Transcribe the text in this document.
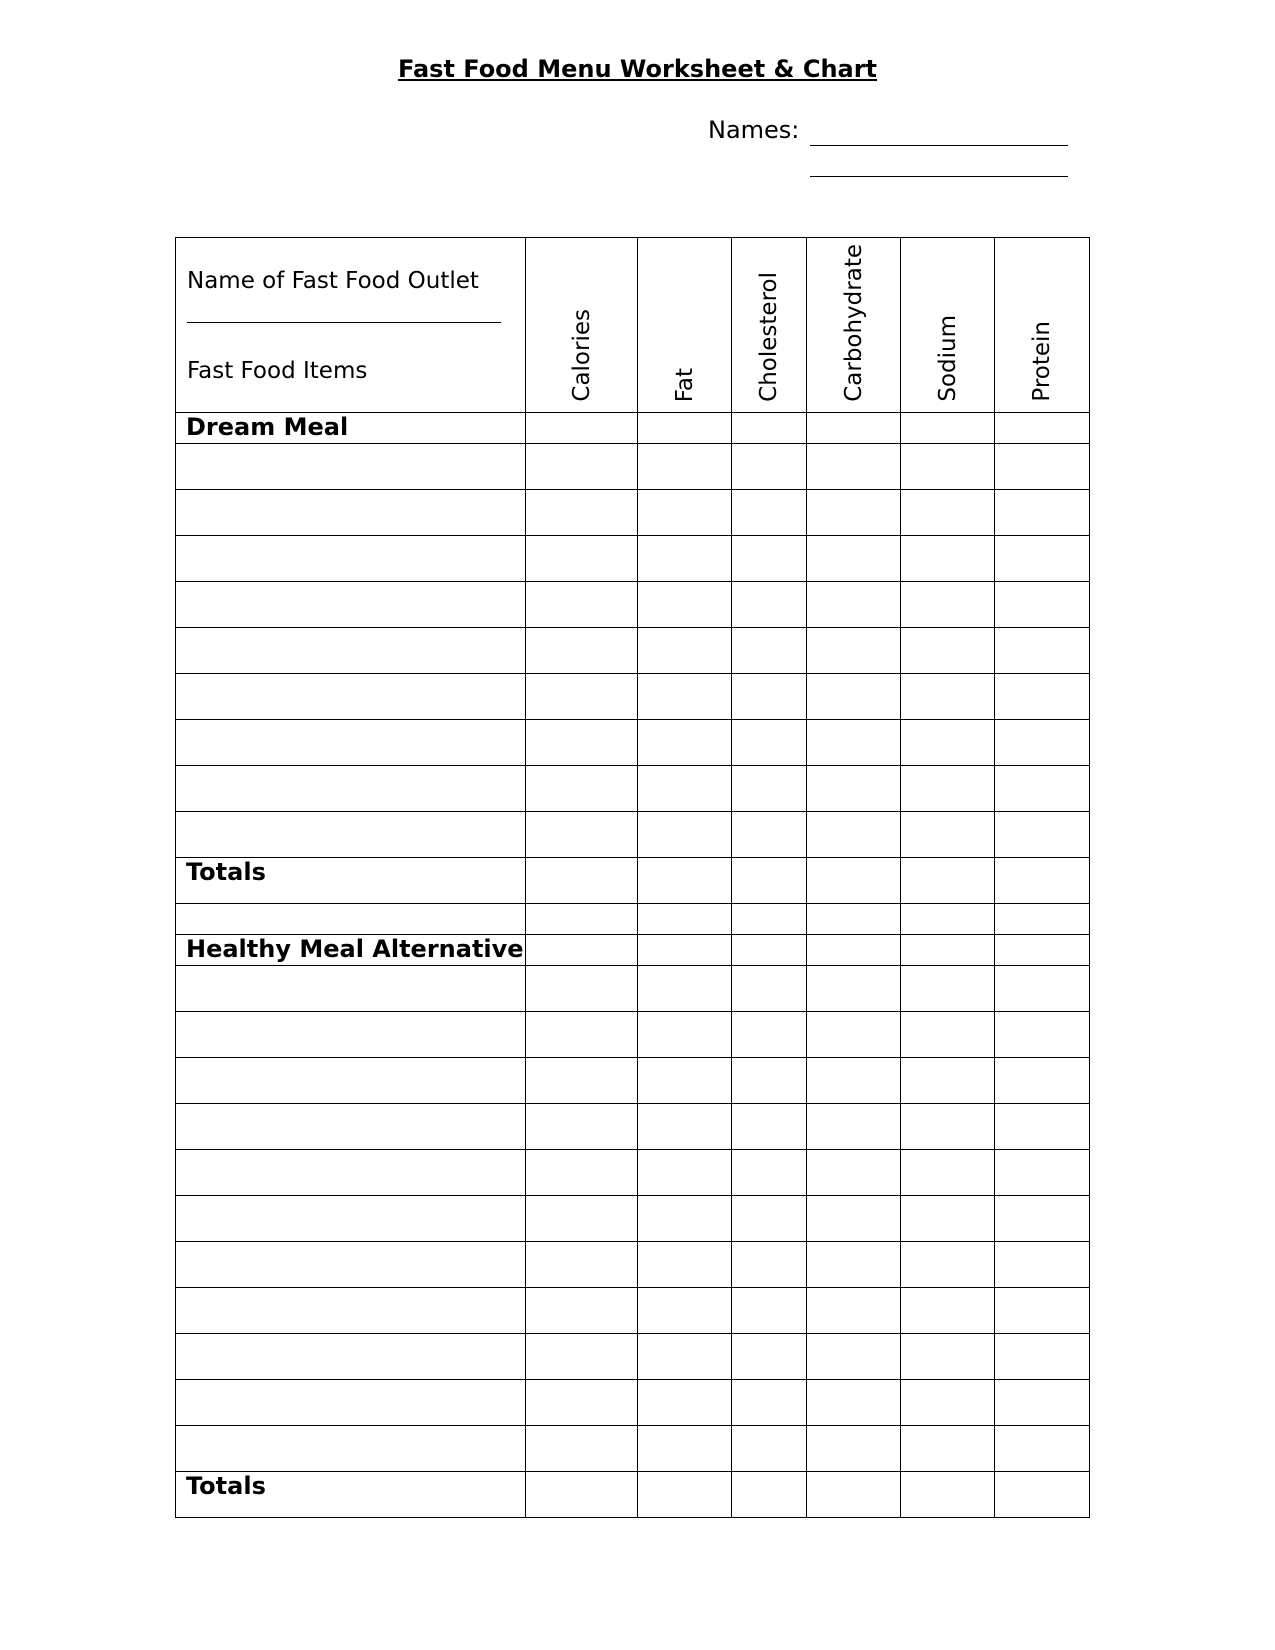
Fast Food Menu Worksheet & Chart
Names:
Name of Fast Food Outlet
Fast Food Items	Calories	Fat	Cholesterol	Carbohydrate	Sodium	Protein

Dream Meal						

Totals						

Healthy Meal Alternative						

Totals						
